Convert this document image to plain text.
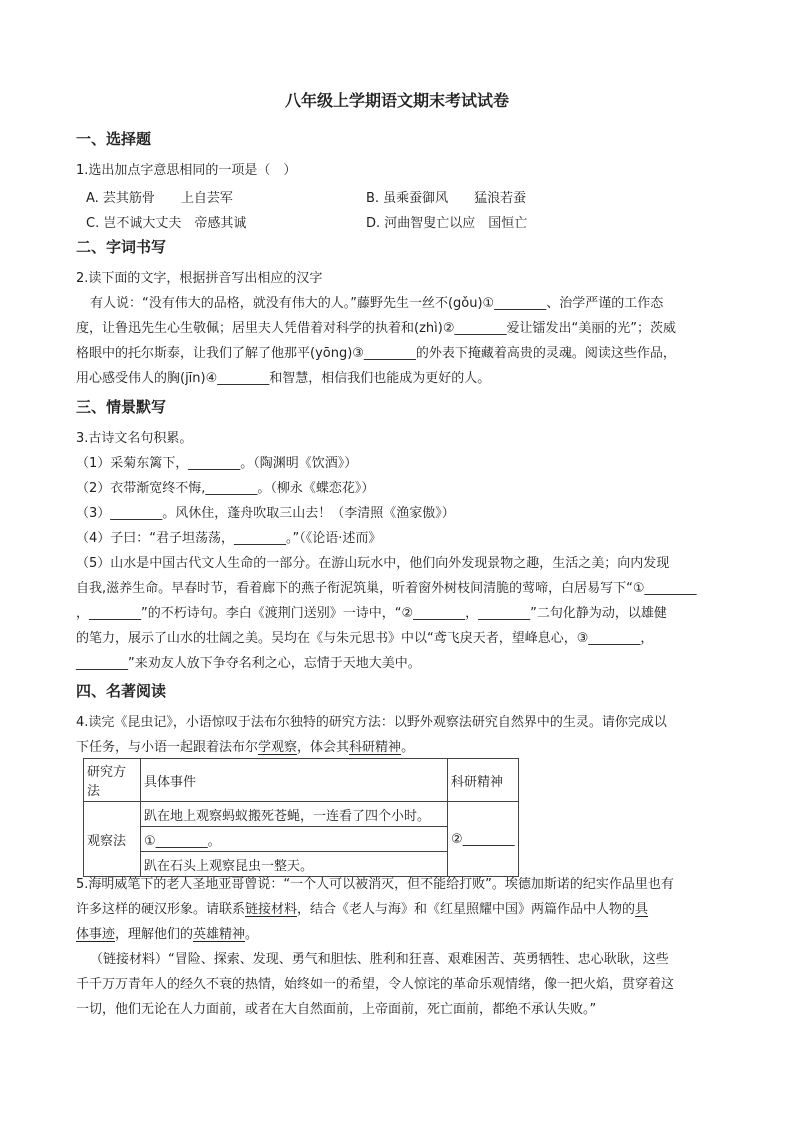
八年级上学期语文期末考试试卷
一、选择题
1.选出加点字意思相同的一项是（　）
A. 芸其筋骨　　上自芸军	B. 虽乘蚕御风　　猛浪若蚕
C. 岂不诚大丈夫　帝感其诚	D. 河曲智叟亡以应　国恒亡
二、字词书写
2.读下面的文字，根据拼音写出相应的汉字
有人说：“没有伟大的品格，就没有伟大的人。”藤野先生一丝不(gǒu)①________、治学严谨的工作态
度，让鲁迅先生心生敬佩；居里夫人凭借着对科学的执着和(zhì)②________爱让镭发出“美丽的光”；茨威
格眼中的托尔斯泰，让我们了解了他那平(yōng)③________的外表下掩藏着高贵的灵魂。阅读这些作品，
用心感受伟人的胸(jīn)④________和智慧，相信我们也能成为更好的人。
三、情景默写
3.古诗文名句积累。
（1）采菊东篱下，________。（陶渊明《饮酒》）
（2）衣带渐宽终不悔,________。（柳永《蝶恋花》）
（3）________。风休住，蓬舟吹取三山去！（李清照《渔家傲》）
（4）子曰：“君子坦荡荡，________。”（《论语·述而》
（5）山水是中国古代文人生命的一部分。在游山玩水中，他们向外发现景物之趣，生活之美；向内发现
自我,滋养生命。早春时节，看着廊下的燕子衔泥筑巢，听着窗外树枝间清脆的莺啼，白居易写下“①________
，________”的不朽诗句。李白《渡荆门送别》一诗中，“②________，________”二句化静为动，以雄健
的笔力，展示了山水的壮阔之美。吴均在《与朱元思书》中以“鸢飞戾天者，望峰息心，③________，
________”来劝友人放下争夺名利之心，忘情于天地大美中。
四、名著阅读
4.读完《昆虫记》，小语惊叹于法布尔独特的研究方法：以野外观察法研究自然界中的生灵。请你完成以
下任务，与小语一起跟着法布尔学观察，体会其科研精神。
研究方法	具体事件	科研精神
观察法	趴在地上观察蚂蚁搬死苍蝇，一连看了四个小时。	②________
	①________。	
	趴在石头上观察昆虫一整天。	
5.海明威笔下的老人圣地亚哥曾说：“一个人可以被消灭，但不能给打败”。埃德加斯诺的纪实作品里也有
许多这样的硬汉形象。请联系链接材料，结合《老人与海》和《红星照耀中国》两篇作品中人物的具
体事迹，理解他们的英雄精神。
（链接材料）“冒险、探索、发现、勇气和胆怯、胜利和狂喜、艰难困苦、英勇牺牲、忠心耿耿，这些
千千万万青年人的经久不衰的热情，始终如一的希望，令人惊诧的革命乐观情绪，像一把火焰，贯穿着这
一切，他们无论在人力面前，或者在大自然面前，上帝面前，死亡面前，都绝不承认失败。”
